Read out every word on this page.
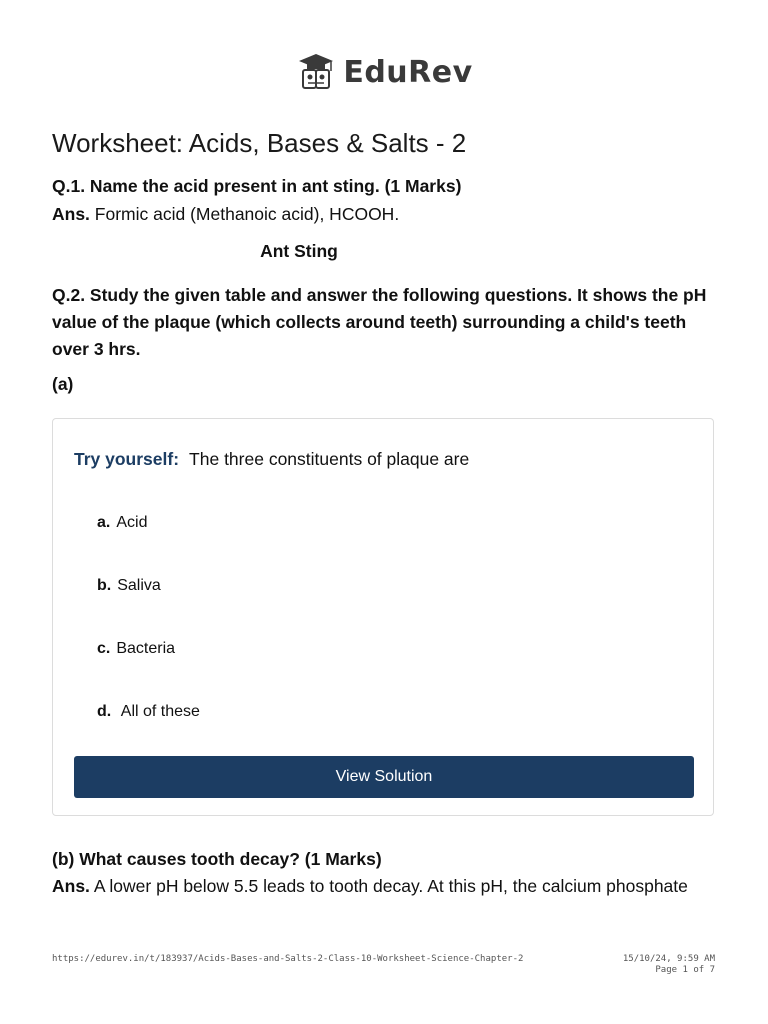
EduRev
Worksheet: Acids, Bases & Salts - 2
Q.1. Name the acid present in ant sting. (1 Marks)
Ans. Formic acid (Methanoic acid), HCOOH.
Ant Sting
Q.2. Study the given table and answer the following questions. It shows the pH value of the plaque (which collects around teeth) surrounding a child's teeth over 3 hrs.
(a)
Try yourself: The three constituents of plaque are
a. Acid
b. Saliva
c. Bacteria
d. All of these
View Solution
(b) What causes tooth decay? (1 Marks)
Ans. A lower pH below 5.5 leads to tooth decay. At this pH, the calcium phosphate
https://edurev.in/t/183937/Acids-Bases-and-Salts-2-Class-10-Worksheet-Science-Chapter-2	15/10/24, 9:59 AM
Page 1 of 7
